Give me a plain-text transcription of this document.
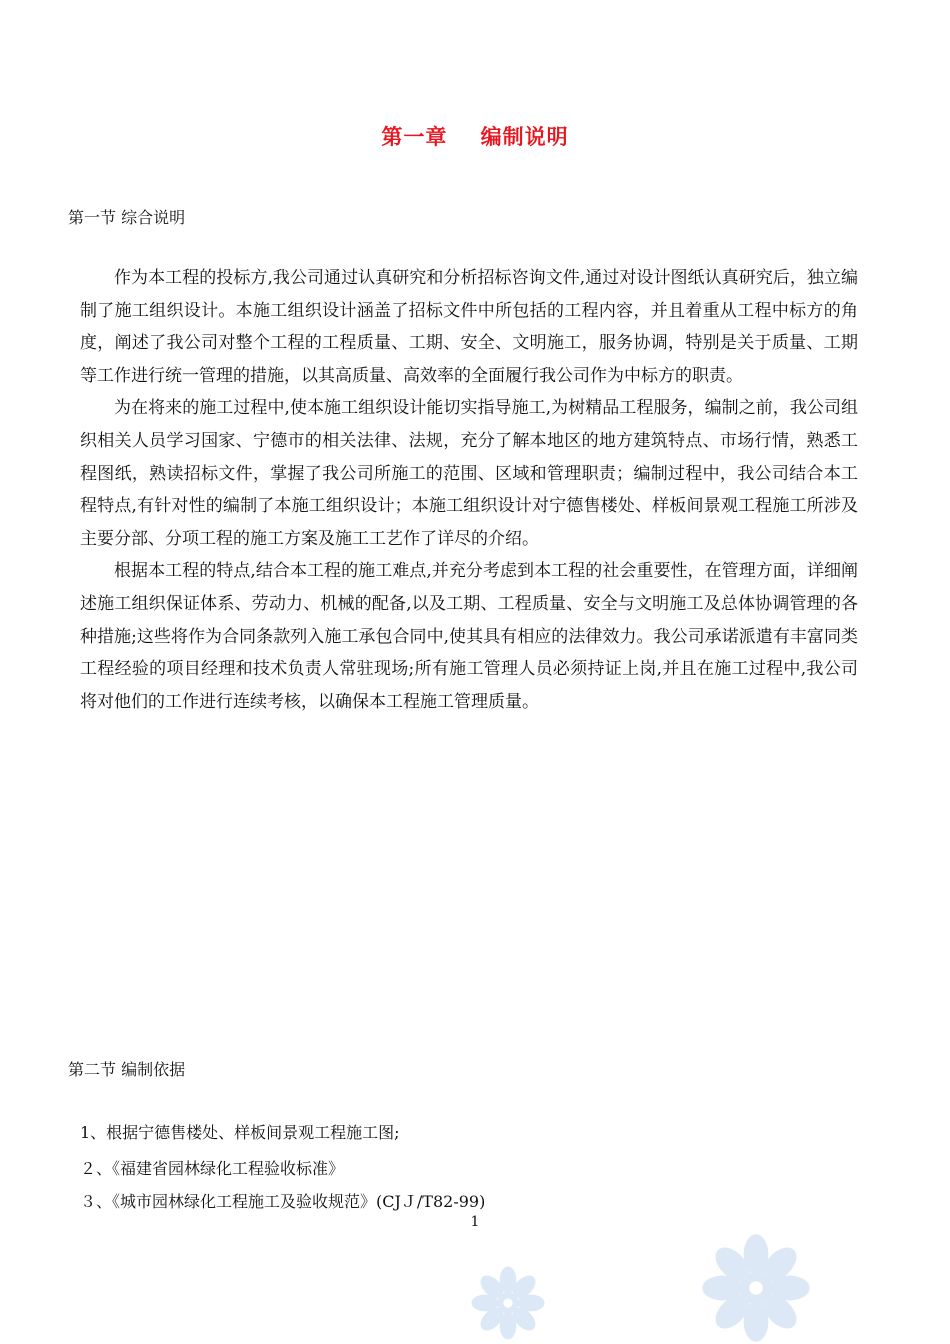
第一章    编制说明
第一节 综合说明

作为本工程的投标方,我公司通过认真研究和分析招标咨询文件,通过对设计图纸认真研究后，独立编制了施工组织设计。本施工组织设计涵盖了招标文件中所包括的工程内容，并且着重从工程中标方的角度，阐述了我公司对整个工程的工程质量、工期、安全、文明施工，服务协调，特别是关于质量、工期等工作进行统一管理的措施，以其高质量、高效率的全面履行我公司作为中标方的职责。

为在将来的施工过程中,使本施工组织设计能切实指导施工,为树精品工程服务，编制之前，我公司组织相关人员学习国家、宁德市的相关法律、法规，充分了解本地区的地方建筑特点、市场行情，熟悉工程图纸，熟读招标文件，掌握了我公司所施工的范围、区域和管理职责；编制过程中，我公司结合本工程特点,有针对性的编制了本施工组织设计；本施工组织设计对宁德售楼处、样板间景观工程施工所涉及主要分部、分项工程的施工方案及施工工艺作了详尽的介绍。

根据本工程的特点,结合本工程的施工难点,并充分考虑到本工程的社会重要性，在管理方面，详细阐述施工组织保证体系、劳动力、机械的配备,以及工期、工程质量、安全与文明施工及总体协调管理的各种措施;这些将作为合同条款列入施工承包合同中,使其具有相应的法律效力。我公司承诺派遣有丰富同类工程经验的项目经理和技术负责人常驻现场;所有施工管理人员必须持证上岗,并且在施工过程中,我公司将对他们的工作进行连续考核，以确保本工程施工管理质量。

第二节 编制依据
1、根据宁德售楼处、样板间景观工程施工图;
２、《福建省园林绿化工程验收标准》
３、《城市园林绿化工程施工及验收规范》(CJＪ/T82-99)
1
